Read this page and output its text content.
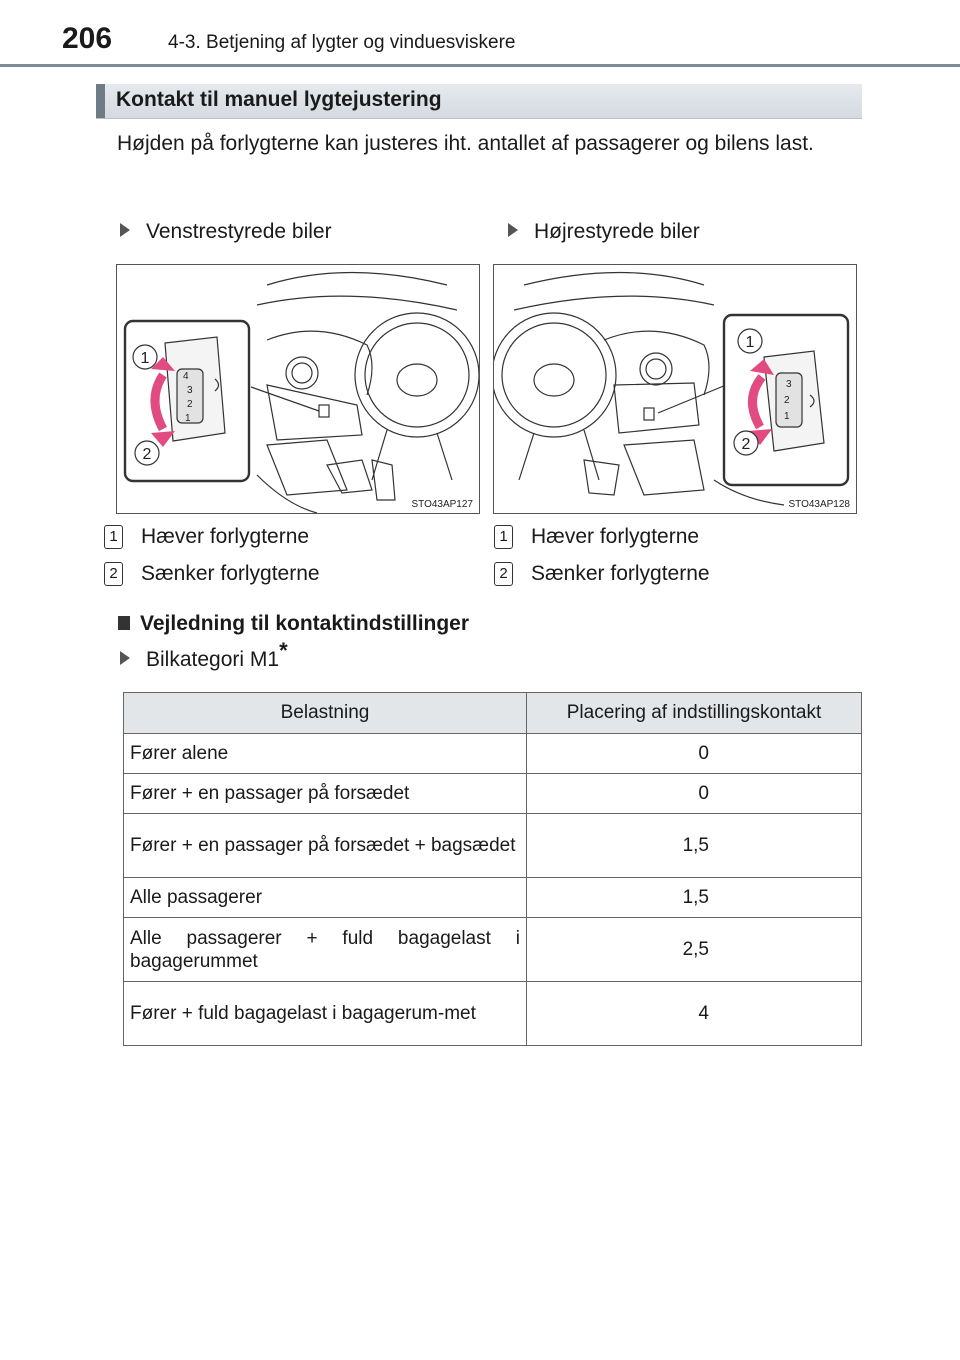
206	4-3. Betjening af lygter og vinduesviskere
Kontakt til manuel lygtejustering
Højden på forlygterne kan justeres iht. antallet af passagerer og bilens last.
Venstrestyrede biler	Højrestyrede biler
4
3
2
1
1
2
STO43AP127
3
2
1
1
2
STO43AP128
1 Hæver forlygterne
2 Sænker forlygterne
1 Hæver forlygterne
2 Sænker forlygterne
Vejledning til kontaktindstillinger
Bilkategori M1*
Belastning	Placering af indstillingskontakt
Fører alene	0
Fører + en passager på forsædet	0
Fører + en passager på forsædet + bagsædet	1,5
Alle passagerer	1,5
Alle passagerer + fuld bagagelast i bagagerummet	2,5
Fører + fuld bagagelast i bagagerum-met	4
